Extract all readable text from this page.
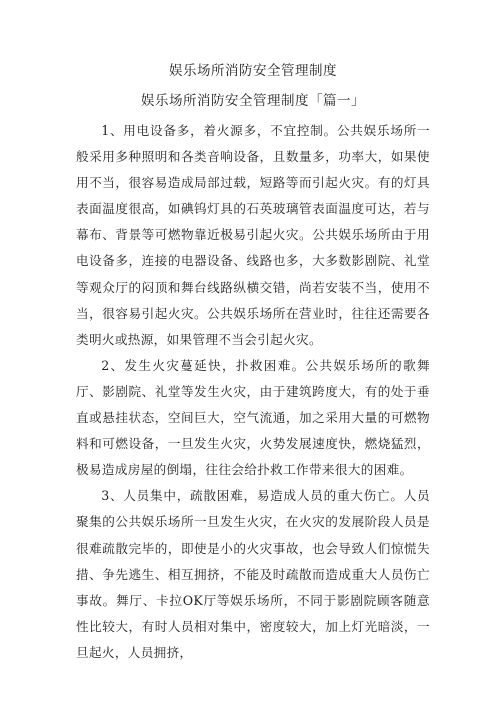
娱乐场所消防安全管理制度
娱乐场所消防安全管理制度「篇一」

1、用电设备多，着火源多，不宜控制。公共娱乐场所一般采用多种照明和各类音响设备，且数量多，功率大，如果使用不当，很容易造成局部过载，短路等而引起火灾。有的灯具表面温度很高，如碘钨灯具的石英玻璃管表面温度可达，若与幕布、背景等可燃物靠近极易引起火灾。公共娱乐场所由于用电设备多，连接的电器设备、线路也多，大多数影剧院、礼堂等观众厅的闷顶和舞台线路纵横交错，尚若安装不当，使用不当，很容易引起火灾。公共娱乐场所在营业时，往往还需要各类明火或热源，如果管理不当会引起火灾。

2、发生火灾蔓延快，扑救困难。公共娱乐场所的歌舞厅、影剧院、礼堂等发生火灾，由于建筑跨度大，有的处于垂直或悬挂状态，空间巨大，空气流通，加之采用大量的可燃物料和可燃设备，一旦发生火灾，火势发展速度快，燃烧猛烈，极易造成房屋的倒塌，往往会给扑救工作带来很大的困难。

3、人员集中，疏散困难，易造成人员的重大伤亡。人员聚集的公共娱乐场所一旦发生火灾，在火灾的发展阶段人员是很难疏散完毕的，即使是小的火灾事故，也会导致人们惊慌失措、争先逃生、相互拥挤，不能及时疏散而造成重大人员伤亡事故。舞厅、卡拉OK厅等娱乐场所，不同于影剧院顾客随意性比较大，有时人员相对集中，密度较大，加上灯光暗淡，一旦起火，人员拥挤，
